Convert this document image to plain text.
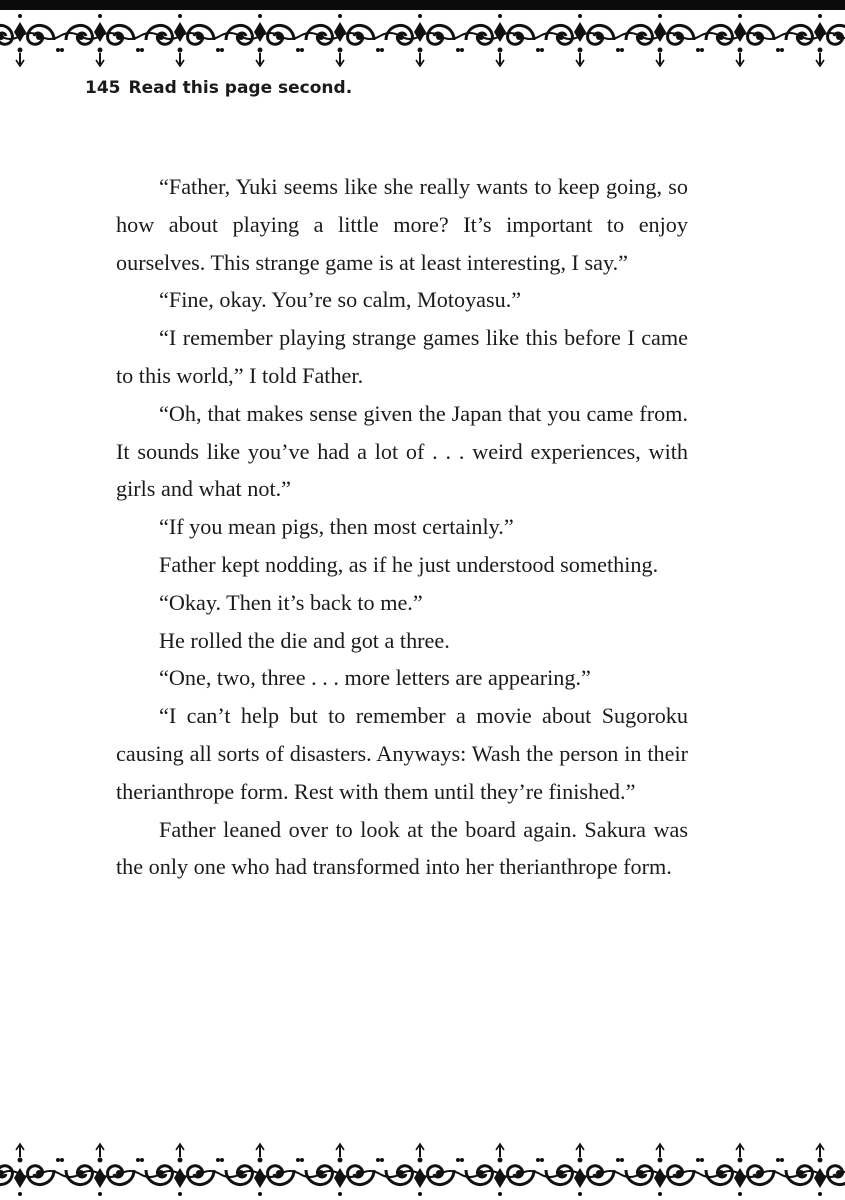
145 Read this page second.

“Father, Yuki seems like she really wants to keep going, so how about playing a little more? It’s important to enjoy ourselves. This strange game is at least interesting, I say.”

“Fine, okay. You’re so calm, Motoyasu.”

“I remember playing strange games like this before I came to this world,” I told Father.

“Oh, that makes sense given the Japan that you came from. It sounds like you’ve had a lot of . . . weird experiences, with girls and what not.”

“If you mean pigs, then most certainly.”

Father kept nodding, as if he just understood something.

“Okay. Then it’s back to me.”

He rolled the die and got a three.

“One, two, three . . . more letters are appearing.”

“I can’t help but to remember a movie about Sugoroku causing all sorts of disasters. Anyways: Wash the person in their therianthrope form. Rest with them until they’re finished.”

Father leaned over to look at the board again. Sakura was the only one who had transformed into her therianthrope form.
